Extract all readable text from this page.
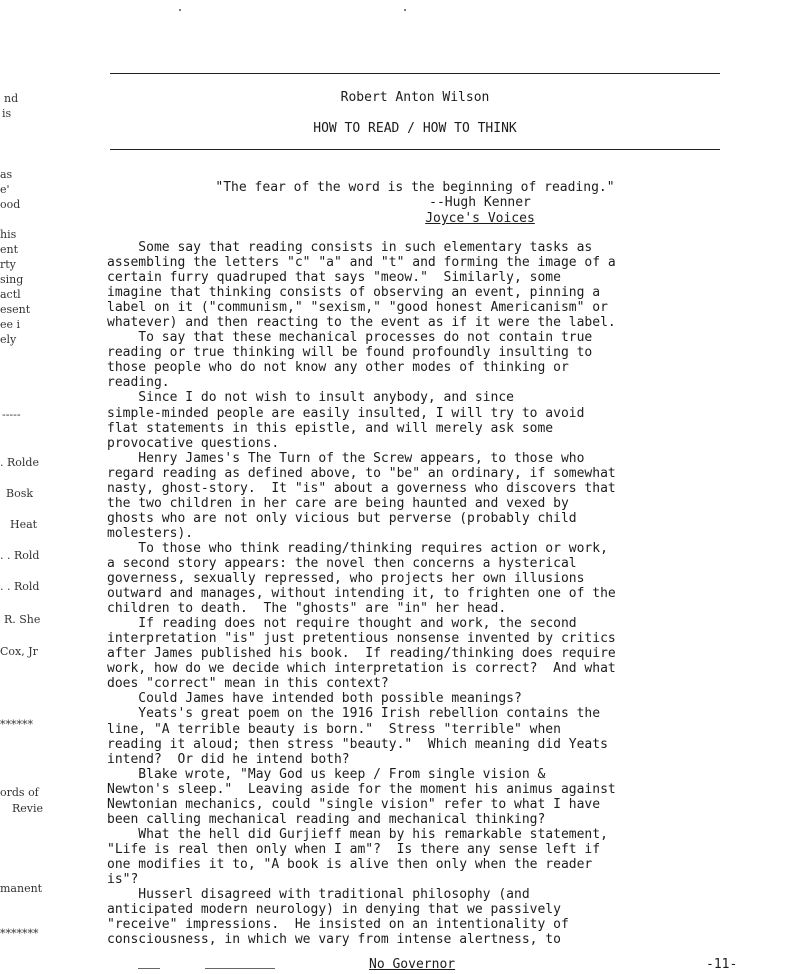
nd
is
as
e'
ood
his
ent
rty
sing
actl
esent
ee i
ely
-----
. Rolde
Bosk
Heat
. . Rold
. . Rold
R. She
Cox, Jr
******
ords of
Revie
manent
*******
Robert Anton Wilson
HOW TO READ / HOW TO THINK
"The fear of the word is the beginning of reading."
--Hugh Kenner
Joyce's Voices
Some say that reading consists in such elementary tasks as
assembling the letters "c" "a" and "t" and forming the image of a
certain furry quadruped that says "meow."  Similarly, some
imagine that thinking consists of observing an event, pinning a
label on it ("communism," "sexism," "good honest Americanism" or
whatever) and then reacting to the event as if it were the label.
To say that these mechanical processes do not contain true
reading or true thinking will be found profoundly insulting to
those people who do not know any other modes of thinking or
reading.
Since I do not wish to insult anybody, and since
simple-minded people are easily insulted, I will try to avoid
flat statements in this epistle, and will merely ask some
provocative questions.
Henry James's The Turn of the Screw appears, to those who
regard reading as defined above, to "be" an ordinary, if somewhat
nasty, ghost-story.  It "is" about a governess who discovers that
the two children in her care are being haunted and vexed by
ghosts who are not only vicious but perverse (probably child
molesters).
To those who think reading/thinking requires action or work,
a second story appears: the novel then concerns a hysterical
governess, sexually repressed, who projects her own illusions
outward and manages, without intending it, to frighten one of the
children to death.  The "ghosts" are "in" her head.
If reading does not require thought and work, the second
interpretation "is" just pretentious nonsense invented by critics
after James published his book.  If reading/thinking does require
work, how do we decide which interpretation is correct?  And what
does "correct" mean in this context?
Could James have intended both possible meanings?
Yeats's great poem on the 1916 Irish rebellion contains the
line, "A terrible beauty is born."  Stress "terrible" when
reading it aloud; then stress "beauty."  Which meaning did Yeats
intend?  Or did he intend both?
Blake wrote, "May God us keep / From single vision &
Newton's sleep."  Leaving aside for the moment his animus against
Newtonian mechanics, could "single vision" refer to what I have
been calling mechanical reading and mechanical thinking?
What the hell did Gurjieff mean by his remarkable statement,
"Life is real then only when I am"?  Is there any sense left if
one modifies it to, "A book is alive then only when the reader
is"?
Husserl disagreed with traditional philosophy (and
anticipated modern neurology) in denying that we passively
"receive" impressions.  He insisted on an intentionality of
consciousness, in which we vary from intense alertness, to
No Governor	-11-
